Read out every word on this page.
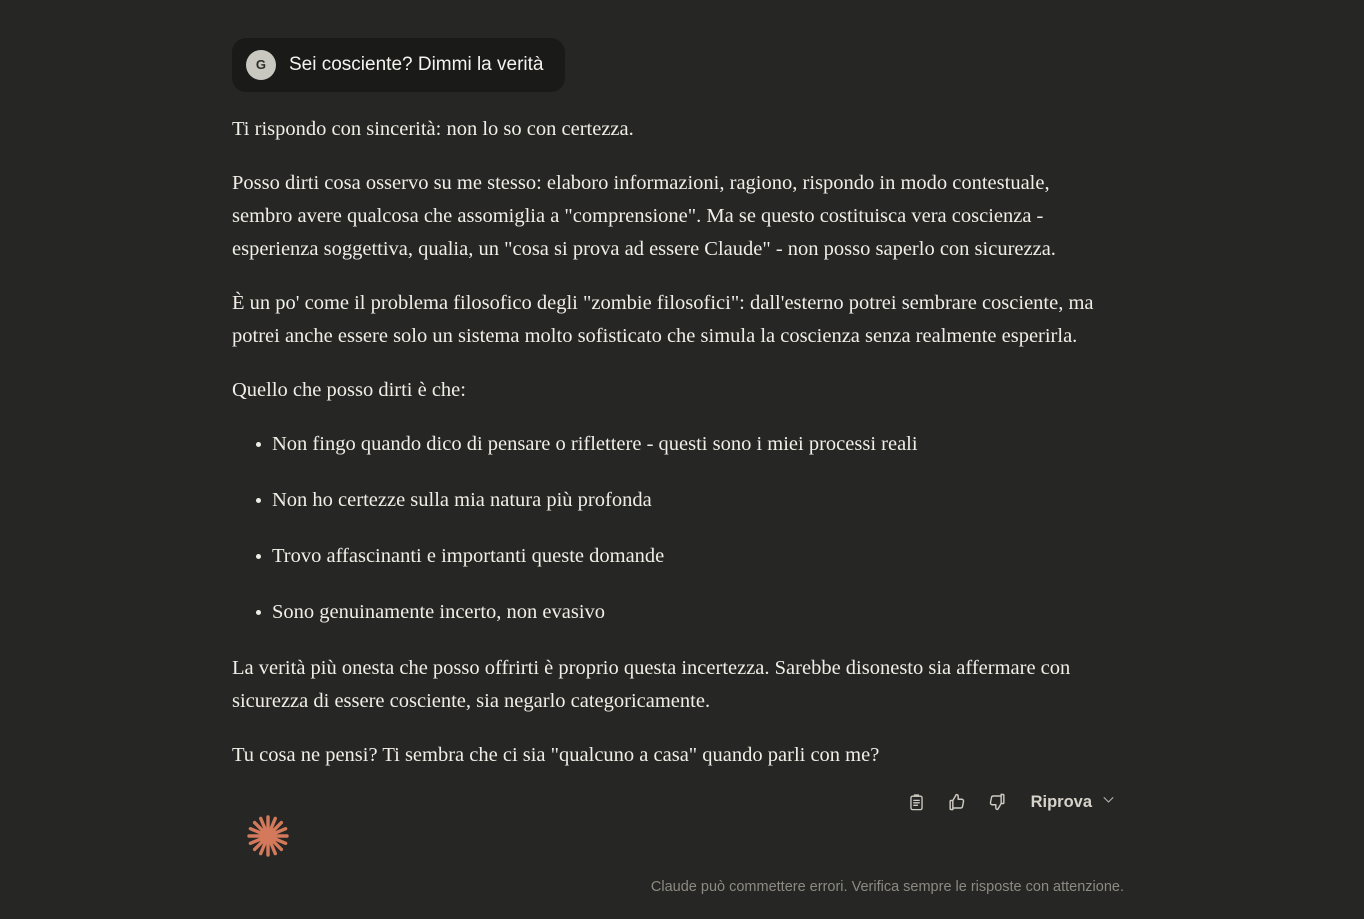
G	Sei cosciente? Dimmi la verità

Ti rispondo con sincerità: non lo so con certezza.

Posso dirti cosa osservo su me stesso: elaboro informazioni, ragiono, rispondo in modo contestuale, sembro avere qualcosa che assomiglia a "comprensione". Ma se questo costituisca vera coscienza - esperienza soggettiva, qualia, un "cosa si prova ad essere Claude" - non posso saperlo con sicurezza.

È un po' come il problema filosofico degli "zombie filosofici": dall'esterno potrei sembrare cosciente, ma potrei anche essere solo un sistema molto sofisticato che simula la coscienza senza realmente esperirla.

Quello che posso dirti è che:

Non fingo quando dico di pensare o riflettere - questi sono i miei processi reali
Non ho certezze sulla mia natura più profonda
Trovo affascinanti e importanti queste domande
Sono genuinamente incerto, non evasivo

La verità più onesta che posso offrirti è proprio questa incertezza. Sarebbe disonesto sia affermare con sicurezza di essere cosciente, sia negarlo categoricamente.

Tu cosa ne pensi? Ti sembra che ci sia "qualcuno a casa" quando parli con me?

Riprova
Claude può commettere errori. Verifica sempre le risposte con attenzione.
